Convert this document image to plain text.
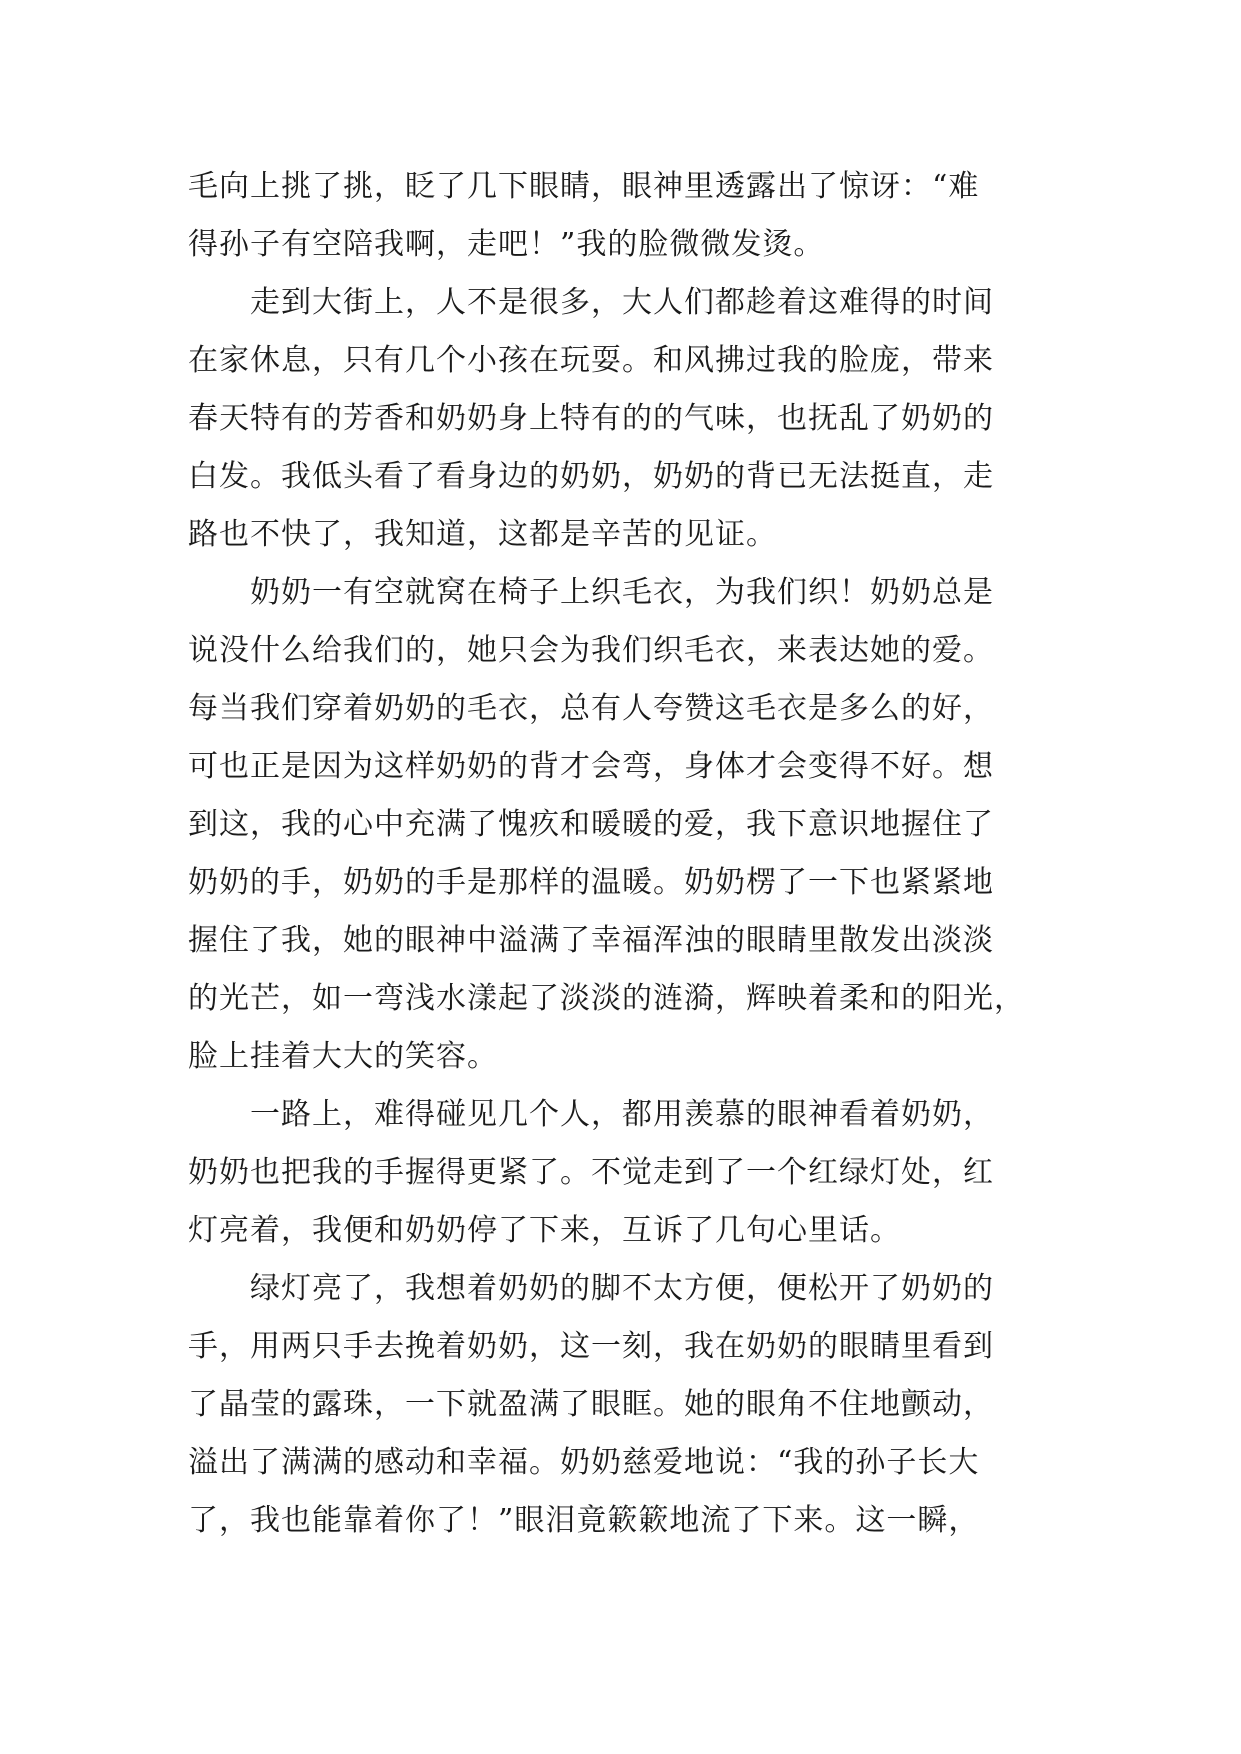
毛向上挑了挑，眨了几下眼睛，眼神里透露出了惊讶：“难
得孙子有空陪我啊，走吧！”我的脸微微发烫。
　　走到大街上，人不是很多，大人们都趁着这难得的时间
在家休息，只有几个小孩在玩耍。和风拂过我的脸庞，带来
春天特有的芳香和奶奶身上特有的的气味，也抚乱了奶奶的
白发。我低头看了看身边的奶奶，奶奶的背已无法挺直，走
路也不快了，我知道，这都是辛苦的见证。
　　奶奶一有空就窝在椅子上织毛衣，为我们织！奶奶总是
说没什么给我们的，她只会为我们织毛衣，来表达她的爱。
每当我们穿着奶奶的毛衣，总有人夸赞这毛衣是多么的好，
可也正是因为这样奶奶的背才会弯，身体才会变得不好。想
到这，我的心中充满了愧疚和暖暖的爱，我下意识地握住了
奶奶的手，奶奶的手是那样的温暖。奶奶楞了一下也紧紧地
握住了我，她的眼神中溢满了幸福浑浊的眼睛里散发出淡淡
的光芒，如一弯浅水漾起了淡淡的涟漪，辉映着柔和的阳光，
脸上挂着大大的笑容。
　　一路上，难得碰见几个人，都用羡慕的眼神看着奶奶，
奶奶也把我的手握得更紧了。不觉走到了一个红绿灯处，红
灯亮着，我便和奶奶停了下来，互诉了几句心里话。
　　绿灯亮了，我想着奶奶的脚不太方便，便松开了奶奶的
手，用两只手去挽着奶奶，这一刻，我在奶奶的眼睛里看到
了晶莹的露珠，一下就盈满了眼眶。她的眼角不住地颤动，
溢出了满满的感动和幸福。奶奶慈爱地说：“我的孙子长大
了，我也能靠着你了！”眼泪竟簌簌地流了下来。这一瞬，
